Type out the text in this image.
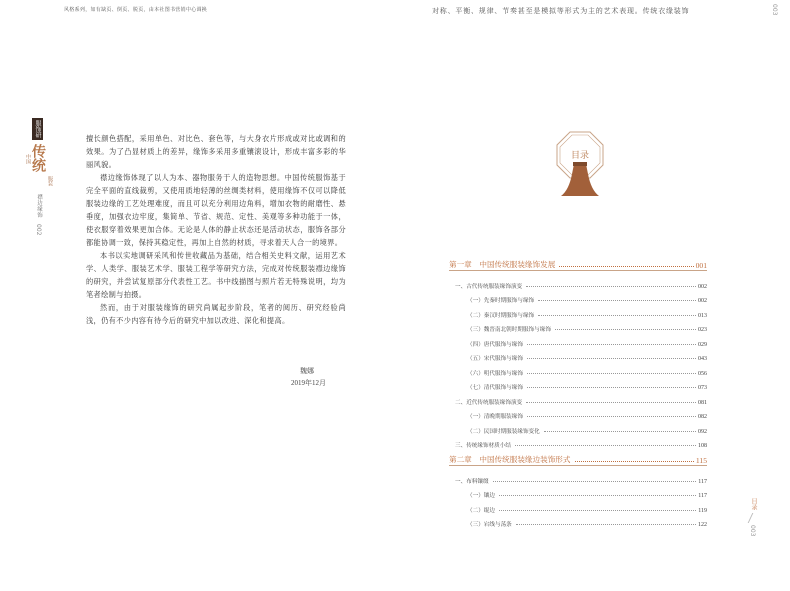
风格系列，如有缺页、倒页、脱页，由本社图书营销中心调换
服饰研究
中国 传统
服装
襟边缘饰
002

擅长颜色搭配，采用单色、对比色、套色等，与大身衣片形成或对比或调和的效果。为了凸显材质上的差异，缘饰多采用多重镶滚设计，形成丰富多彩的华丽风貌。

襟边缘饰体现了以人为本、器物服务于人的造物思想。中国传统服饰基于完全平面的直线裁剪，又使用质地轻薄的丝绸类材料，使用缘饰不仅可以降低服装边缘的工艺处理难度，而且可以充分利用边角料，增加衣物的耐磨性、悬垂度，加强衣边牢度，集简单、节省、规范、定性、美观等多种功能于一体，使衣服穿着效果更加合体。无论是人体的静止状态还是活动状态，服饰各部分都能协调一致，保持其稳定性，再加上自然的材质，寻求着天人合一的境界。

本书以实地调研采风和传世收藏品为基础，结合相关史料文献，运用艺术学、人类学、服装艺术学、服装工程学等研究方法，完成对传统服装襟边缘饰的研究，并尝试复原部分代表性工艺。书中线描图与照片若无特殊说明，均为笔者绘制与拍摄。

然而，由于对服装缘饰的研究尚属起步阶段，笔者的阅历、研究经验尚浅，仍有不少内容有待今后的研究中加以改进、深化和提高。

魏娜
2019年12月
对称、平衡、规律、节奏甚至是模拟等形式为主的艺术表现。传统衣缘装饰	003
目录
第一章　中国传统服装缘饰发展	001
一、古代传统服装缘饰演变	002
（一）先秦时期服饰与缘饰	002
（二）秦汉时期服饰与缘饰	013
（三）魏晋南北朝时期服饰与缘饰	023
（四）唐代服饰与缘饰	029
（五）宋代服饰与缘饰	043
（六）明代服饰与缘饰	056
（七）清代服饰与缘饰	073
二、近代传统服装缘饰演变	081
（一）清晚期服装缘饰	082
（二）民国时期服装缘饰变化	092
三、传统缘饰材质小结	108
第二章　中国传统服装缘边装饰形式	115
一、布料镶缀	117
（一）镶边	117
（二）绲边	119
（三）宕线与荡条	122
目录
003
